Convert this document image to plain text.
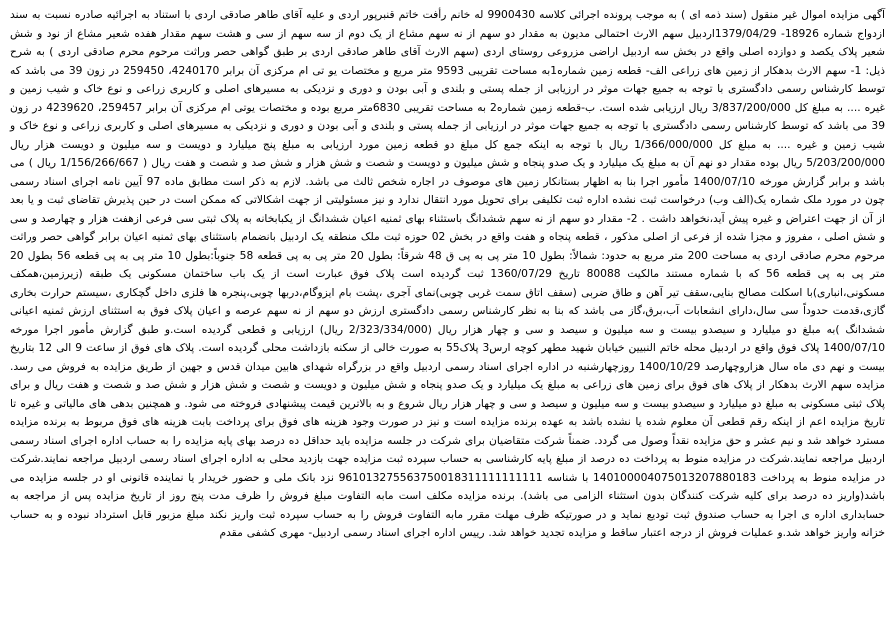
آگهی مزایده اموال غیر منقول (سند ذمه ای ) به موجب پرونده اجرائی کلاسه 9900430 له خانم رأفت خاتم قنبرپور اردی و علیه آقای طاهر صادقی اردی با استناد به اجرائیه صادره نسبت به سند ازدواج شماره 18926- 1379/04/29اردبیل سهم الارث احتمالی مدیون به مقدار دو سهم از نه سهم مشاع از یک دوم از سه سهم از سی و هشت سهم مقدار هفده شعیر مشاع از نود و شش شعیر پلاک یکصد و دوازده اصلی واقع در بخش سه اردبیل اراضی مزروعی روستای اردی (سهم الارث آقای طاهر صادقی اردی بر طبق گواهی حصر وراثت مرحوم محرم صادقی اردی ) به شرح ذیل: 1- سهم الارث بدهکار از زمین های زراعی الف- قطعه زمین شماره1به مساحت تقریبی 9593 متر مربع و مختصات یو تی ام مرکزی آن برابر 4240170، 259450 در زون 39 می باشد که توسط کارشناس رسمی دادگستری با توجه به جمیع جهات موثر در ارزیابی از جمله پستی و بلندی و آبی بودن و دوری و نزدیکی به مسیرهای اصلی و کاربری زراعی و نوع خاک و شیب زمین و غیره .... به مبلغ کل 3/837/200/000 ریال ارزیابی شده است. ب-قطعه زمین شماره2 به مساحت تقریبی 6830متر مربع بوده و مختصات یوتی ام مرکزی آن برابر 259457، 4239620 در زون 39 می باشد که توسط کارشناس رسمی دادگستری با توجه به جمیع جهات موثر در ارزیابی از جمله پستی و بلندی و آبی بودن و دوری و نزدیکی به مسیرهای اصلی و کاربری زراعی و نوع خاک و شیب زمین و غیره .... به مبلغ کل 1/366/000/000 ریال با توجه به اینکه جمع کل مبلغ دو قطعه زمین مورد ارزیابی به مبلغ پنج میلیارد و دویست و سه میلیون و دویست هزار ریال 5/203/200/000 ریال بوده مقدار دو نهم آن به مبلغ یک میلیارد و یک صدو پنجاه و شش میلیون و دویست و شصت و شش هزار و شش صد و شصت و هفت ریال ( 1/156/266/667 ریال ) می باشد و برابر گزارش مورخه 1400/07/10 مأمور اجرا بنا به اظهار بستانکار زمین های موصوف در اجاره شخص ثالث می باشد. لازم به ذکر است مطابق ماده 97 آیین نامه اجرای اسناد رسمی چون در مورد ملک شماره یک(الف وب) درخواست ثبت نشده اداره ثبت تکلیفی برای تحویل مورد انتقال ندارد و نیز مسئولیتی از جهت اشکالاتی که ممکن است در حین پذیرش تقاضای ثبت و یا بعد از آن از جهت اعتراض و غیره پیش آید،نخواهد داشت . 2- مقدار دو سهم از نه سهم ششدانگ باستثناء بهای ثمنیه اعیان ششدانگ از یکبابخانه به پلاک ثبتی سی فرعی ازهفت هزار و چهارصد و سی و شش اصلی ، مفروز و مجزا شده از فرعی از اصلی مذکور ، قطعه پنجاه و هفت واقع در بخش 02 حوزه ثبت ملک منطقه یک اردبیل بانضمام باستثنای بهای ثمنیه اعیان برابر گواهی حصر وراثت مرحوم محرم صادقی اردی به مساحت 200 متر مربع به حدود: شمالاً: بطول 10 متر پی به پی ق 48 شرقاً: بطول 20 متر پی به پی قطعه 58 جنوباً:بطول 10 متر پی به پی قطعه 56 بطول 20 متر پی به پی قطعه 56 که با شماره مستند مالکیت 80088 تاریخ 1360/07/29 ثبت گردیده است پلاک فوق عبارت است از یک باب ساختمان مسکونی یک طبقه (زیرزمین،همکف مسکونی،انباری)با اسکلت مصالح بنایی،سقف تیر آهن و طاق ضربی (سقف اتاق سمت غربی چوبی)نمای آجری ،پشت بام ایزوگام،دربها چوبی،پنجره ها فلزی داخل گچکاری ،سیستم حرارت بخاری گازی،قدمت حدوداً سی سال،دارای انشعابات آب،برق،گاز می باشد که بنا به نظر کارشناس رسمی دادگستری ارزش دو سهم از نه سهم عرصه و اعیان پلاک فوق به استثنای ارزش ثمنیه اعیانی ششدانگ )به مبلغ دو میلیارد و سیصدو بیست و سه میلیون و سیصد و سی و چهار هزار ریال (2/323/334/000 ریال) ارزیابی و قطعی گردیده است.و طبق گزارش مأمور اجرا مورخه 1400/07/10 پلاک فوق واقع در اردبیل محله خاتم النبیین خیابان شهید مطهر کوچه ارس3 پلاک55 به صورت خالی از سکنه بازداشت محلی گردیده است. پلاک های فوق از ساعت 9 الی 12 بتاریخ بیست و نهم دی ماه سال هزاروچهارصد 1400/10/29 روزچهارشنبه در اداره اجرای اسناد رسمی اردبیل واقع در بزرگراه شهدای هابین میدان قدس و جهین از طریق مزایده به فروش می رسد. مزایده سهم الارث بدهکار از پلاک های فوق برای زمین های زراعی به مبلغ یک میلیارد و یک صدو پنجاه و شش میلیون و دویست و شصت و شش هزار و شش صد و شصت و هفت ریال و برای پلاک ثبتی مسکونی به مبلغ دو میلیارد و سیصدو بیست و سه میلیون و سیصد و سی و چهار هزار ریال شروع و به بالاترین قیمت پیشنهادی فروخته می شود. و همچنین بدهی های مالیاتی و غیره تا تاریخ مزایده اعم از اینکه رقم قطعی آن معلوم شده یا نشده باشد به عهده برنده مزایده است و نیز در صورت وجود هزینه های فوق برای پرداخت بابت هزینه های فوق مربوط به برنده مزایده مسترد خواهد شد و نیم عشر و حق مزایده نقداً وصول می گردد. ضمناً شرکت متقاضیان برای شرکت در جلسه مزایده باید حداقل ده درصد بهای پایه مزایده را به حساب اداره اجرای اسناد رسمی اردبیل مراجعه نمایند.شرکت در مزایده منوط به پرداخت ده درصد از مبلغ پایه کارشناسی به حساب سپرده ثبت مزایده جهت بازدید محلی به اداره اجرای اسناد رسمی اردبیل مراجعه نمایند.شرکت در مزایده منوط به پرداخت 140100004075013207880183 با شناسه 961013275563750018311111111111 نزد بانک ملی و حضور خریدار یا نماینده قانونی او در جلسه مزایده می باشد(واریز ده درصد برای کلیه شرکت کنندگان بدون استثناء الزامی می باشد). برنده مزایده مکلف است مابه التفاوت مبلغ فروش را ظرف مدت پنج روز از تاریخ مزایده پس از مراجعه به حسابداری اداره ی اجرا به حساب صندوق ثبت تودیع نماید و در صورتیکه ظرف مهلت مقرر مابه التفاوت فروش را به حساب سپرده ثبت واریز نکند مبلغ مزبور قابل استرداد نبوده و به حساب خزانه واریز خواهد شد.و عملیات فروش از درجه اعتبار ساقط و مزایده تجدید خواهد شد. رییس اداره اجرای اسناد رسمی اردبیل- مهری کشفی مقدم
